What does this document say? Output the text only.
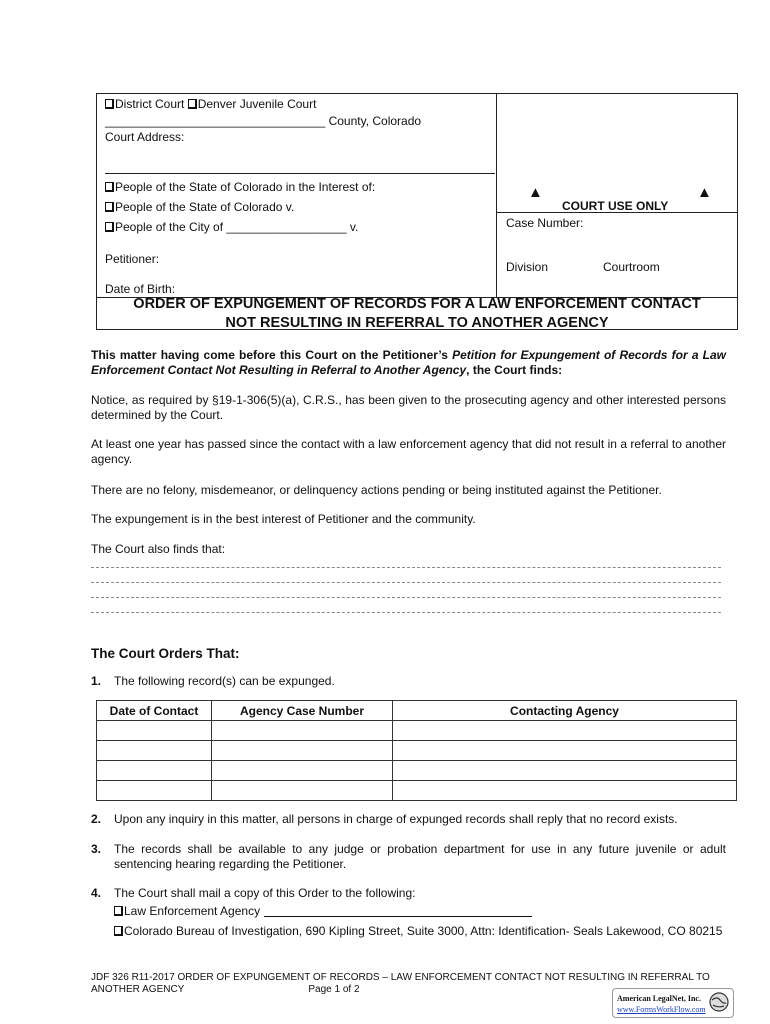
District Court Denver Juvenile Court
_________________________________ County, Colorado
Court Address:
People of the State of Colorado in the Interest of:
People of the State of Colorado v.
People of the City of __________________ v.
Petitioner:
Date of Birth:
▲
COURT USE ONLY
▲
Case Number:
Division	Courtroom
ORDER OF EXPUNGEMENT OF RECORDS FOR A LAW ENFORCEMENT CONTACT
NOT RESULTING IN REFERRAL TO ANOTHER AGENCY
This matter having come before this Court on the Petitioner’s Petition for Expungement of Records for a Law Enforcement Contact Not Resulting in Referral to Another Agency, the Court finds:
Notice, as required by §19-1-306(5)(a), C.R.S., has been given to the prosecuting agency and other interested persons determined by the Court.
At least one year has passed since the contact with a law enforcement agency that did not result in a referral to another agency.
There are no felony, misdemeanor, or delinquency actions pending or being instituted against the Petitioner.
The expungement is in the best interest of Petitioner and the community.
The Court also finds that:
The Court Orders That:
1. The following record(s) can be expunged.
Date of Contact	Agency Case Number	Contacting Agency

2. Upon any inquiry in this matter, all persons in charge of expunged records shall reply that no record exists.
3. The records shall be available to any judge or probation department for use in any future juvenile or adult sentencing hearing regarding the Petitioner.
4. The Court shall mail a copy of this Order to the following:
Law Enforcement Agency
Colorado Bureau of Investigation, 690 Kipling Street, Suite 3000, Attn: Identification- Seals Lakewood, CO 80215
JDF 326 R11-2017 ORDER OF EXPUNGEMENT OF RECORDS – LAW ENFORCEMENT CONTACT NOT RESULTING IN REFERRAL TO
ANOTHER AGENCY	Page 1 of 2
American LegalNet, Inc.
www.FormsWorkFlow.com
